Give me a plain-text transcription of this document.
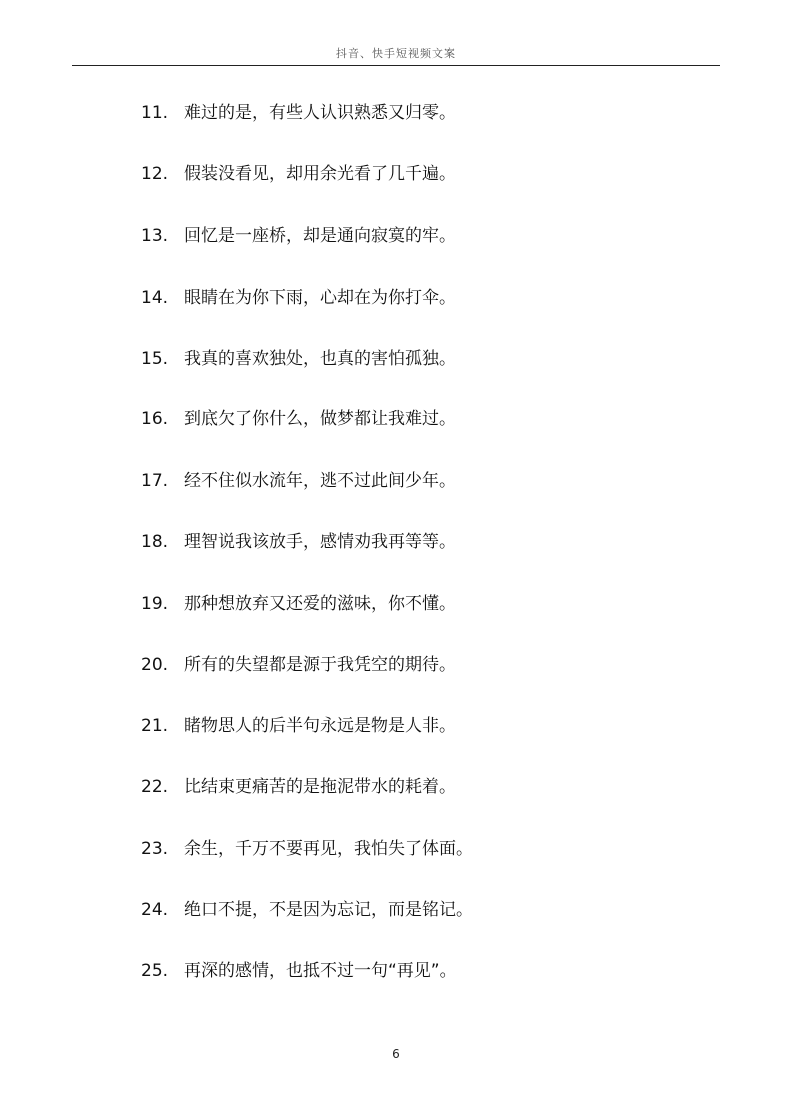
抖音、快手短视频文案
11. 难过的是，有些人认识熟悉又归零。
12. 假装没看见，却用余光看了几千遍。
13. 回忆是一座桥，却是通向寂寞的牢。
14. 眼睛在为你下雨，心却在为你打伞。
15. 我真的喜欢独处，也真的害怕孤独。
16. 到底欠了你什么，做梦都让我难过。
17. 经不住似水流年，逃不过此间少年。
18. 理智说我该放手，感情劝我再等等。
19. 那种想放弃又还爱的滋味，你不懂。
20. 所有的失望都是源于我凭空的期待。
21. 睹物思人的后半句永远是物是人非。
22. 比结束更痛苦的是拖泥带水的耗着。
23. 余生，千万不要再见，我怕失了体面。
24. 绝口不提，不是因为忘记，而是铭记。
25. 再深的感情，也抵不过一句“再见”。
6
